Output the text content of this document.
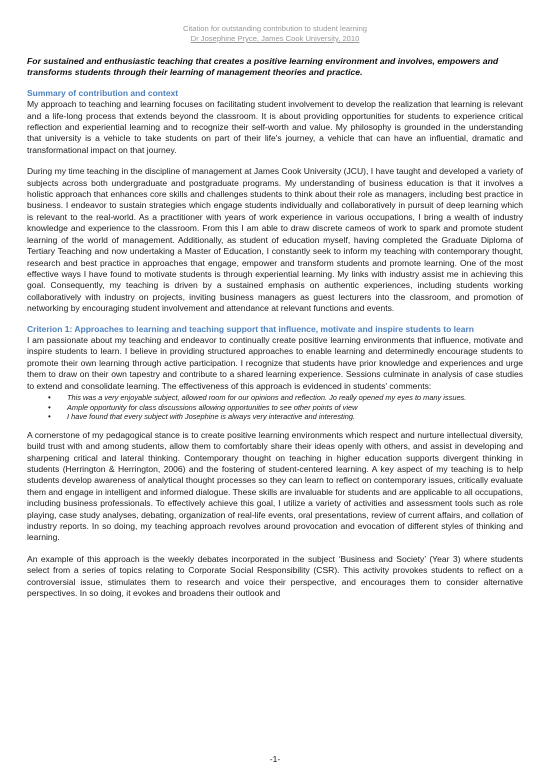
Citation for outstanding contribution to student learning
Dr Josephine Pryce, James Cook University, 2010
For sustained and enthusiastic teaching that creates a positive learning environment and involves, empowers and transforms students through their learning of management theories and practice.
Summary of contribution and context

My approach to teaching and learning focuses on facilitating student involvement to develop the realization that learning is relevant and a life-long process that extends beyond the classroom. It is about providing opportunities for students to experience critical reflection and experiential learning and to recognize their self-worth and value. My philosophy is grounded in the understanding that university is a vehicle to take students on part of their life's journey, a vehicle that can have an influential, dramatic and transformational impact on that journey.

During my time teaching in the discipline of management at James Cook University (JCU), I have taught and developed a variety of subjects across both undergraduate and postgraduate programs. My understanding of business education is that it involves a holistic approach that enhances core skills and challenges students to think about their role as managers, including best practice in business. I endeavor to sustain strategies which engage students individually and collaboratively in pursuit of deep learning which is relevant to the real-world. As a practitioner with years of work experience in various occupations, I bring a wealth of industry knowledge and experience to the classroom. From this I am able to draw discrete cameos of work to spark and promote student learning of the world of management. Additionally, as student of education myself, having completed the Graduate Diploma of Tertiary Teaching and now undertaking a Master of Education, I constantly seek to inform my teaching with contemporary thought, research and best practice in approaches that engage, empower and transform students and promote learning. One of the most effective ways I have found to motivate students is through experiential learning. My links with industry assist me in achieving this goal. Consequently, my teaching is driven by a sustained emphasis on authentic experiences, including students working collaboratively with industry on projects, inviting business managers as guest lecturers into the classroom, and promotion of networking by encouraging student involvement and attendance at relevant functions and events.

Criterion 1: Approaches to learning and teaching support that influence, motivate and inspire students to learn

I am passionate about my teaching and endeavor to continually create positive learning environments that influence, motivate and inspire students to learn. I believe in providing structured approaches to enable learning and determinedly encourage students to promote their own learning through active participation. I recognize that students have prior knowledge and experiences and urge them to draw on their own tapestry and contribute to a shared learning experience. Sessions culminate in analysis of case studies to extend and consolidate learning. The effectiveness of this approach is evidenced in students' comments:

• This was a very enjoyable subject, allowed room for our opinions and reflection. Jo really opened my eyes to many issues.
• Ample opportunity for class discussions allowing opportunities to see other points of view
• I have found that every subject with Josephine is always very interactive and interesting.

A cornerstone of my pedagogical stance is to create positive learning environments which respect and nurture intellectual diversity, build trust with and among students, allow them to comfortably share their ideas openly with others, and assist in developing and sharpening critical and lateral thinking. Contemporary thought on teaching in higher education supports divergent thinking in students (Herrington & Herrington, 2006) and the fostering of student-centered learning. A key aspect of my teaching is to help students develop awareness of analytical thought processes so they can learn to reflect on contemporary issues, critically evaluate them and engage in intelligent and informed dialogue. These skills are invaluable for students and are applicable to all occupations, including business professionals. To effectively achieve this goal, I utilize a variety of activities and assessment tools such as role playing, case study analyses, debating, organization of real-life events, oral presentations, review of current affairs, and collation of industry reports. In so doing, my teaching approach revolves around provocation and evocation of different styles of thinking and learning.

An example of this approach is the weekly debates incorporated in the subject ‘Business and Society’ (Year 3) where students select from a series of topics relating to Corporate Social Responsibility (CSR). This activity provokes students to reflect on a controversial issue, stimulates them to research and voice their perspective, and encourages them to consider alternative perspectives. In so doing, it evokes and broadens their outlook and

-1-
